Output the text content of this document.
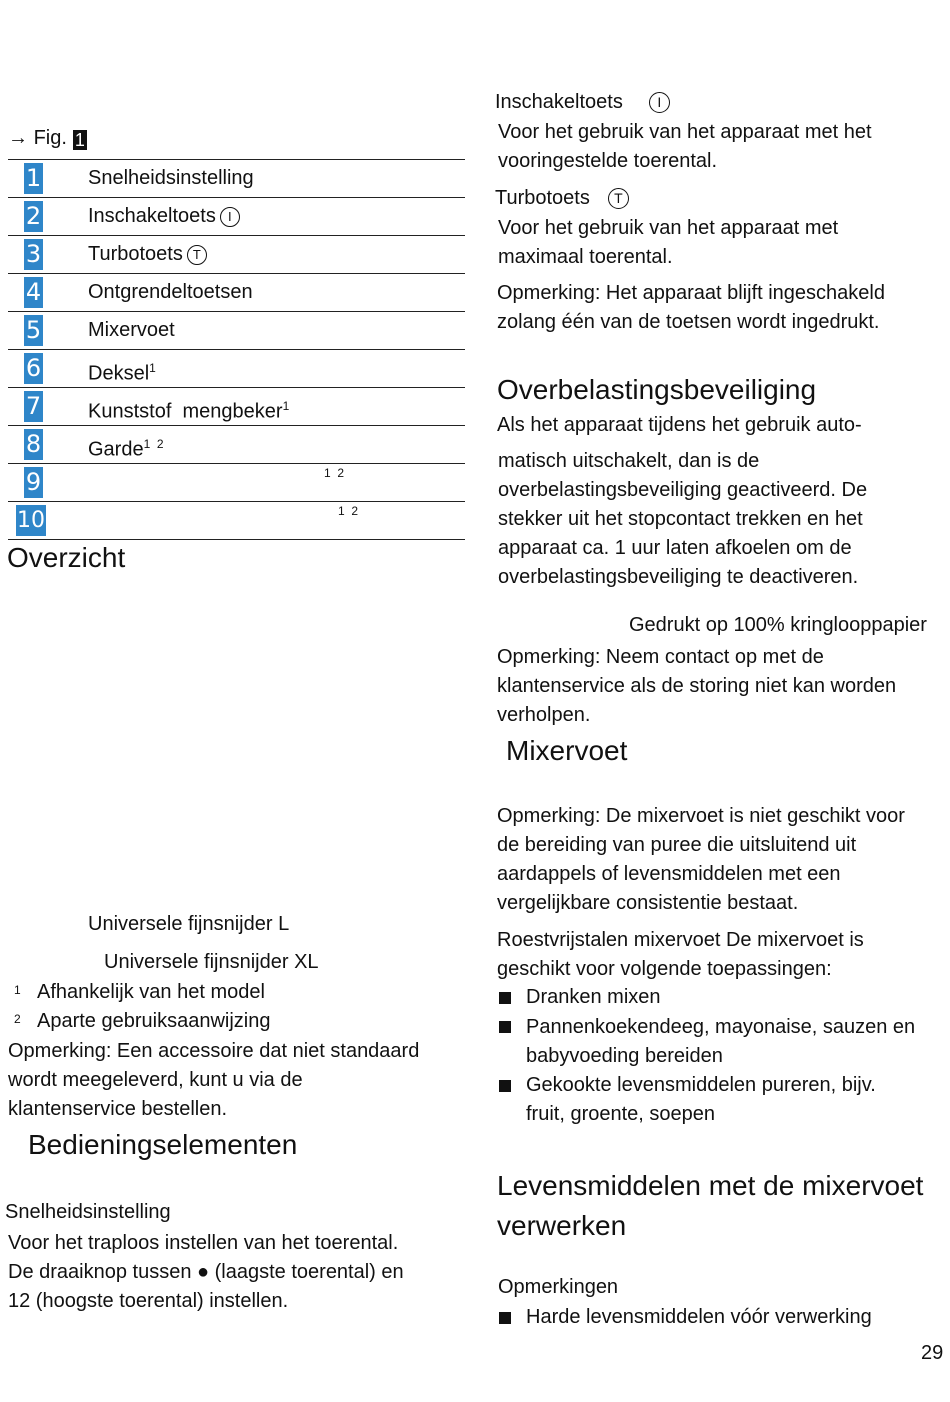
→ Fig. 1
1 Snelheidsinstelling
2 Inschakeltoets I
3 Turbotoets T
4 Ontgrendeltoetsen
5 Mixervoet
6 Deksel$^1$
7 Kunststof  mengbeker$^1$
8 Garde$^{1 2}$
9	1  2
10	1  2
Overzicht
Universele fijnsnijder L
Universele fijnsnijder XL
1 Afhankelijk van het model
2 Aparte gebruiksaanwijzing
Opmerking: Een accessoire dat niet standaard
wordt meegeleverd, kunt u via de
klantenservice bestellen.
Bedieningselementen
Snelheidsinstelling
Voor het traploos instellen van het toerental.
De draaiknop tussen ● (laagste toerental) en
12 (hoogste toerental) instellen.
Inschakeltoets I
Voor het gebruik van het apparaat met het
vooringestelde toerental.
Turbotoets T
Voor het gebruik van het apparaat met
maximaal toerental.
Opmerking: Het apparaat blijft ingeschakeld
zolang één van de toetsen wordt ingedrukt.
Overbelastingsbeveiliging
Als het apparaat tijdens het gebruik auto-
matisch uitschakelt, dan is de
overbelastingsbeveiliging geactiveerd. De
stekker uit het stopcontact trekken en het
apparaat ca. 1 uur laten afkoelen om de
overbelastingsbeveiliging te deactiveren.
Gedrukt op 100% kringlooppapier
Opmerking: Neem contact op met de
klantenservice als de storing niet kan worden
verholpen.
Mixervoet
Opmerking: De mixervoet is niet geschikt voor
de bereiding van puree die uitsluitend uit
aardappels of levensmiddelen met een
vergelijkbare consistentie bestaat.
Roestvrijstalen mixervoet De mixervoet is
geschikt voor volgende toepassingen:
Dranken mixen
Pannenkoekendeeg, mayonaise, sauzen en
babyvoeding bereiden
Gekookte levensmiddelen pureren, bijv.
fruit, groente, soepen
Levensmiddelen met de mixervoet
verwerken
Opmerkingen
Harde levensmiddelen vóór verwerking
29
